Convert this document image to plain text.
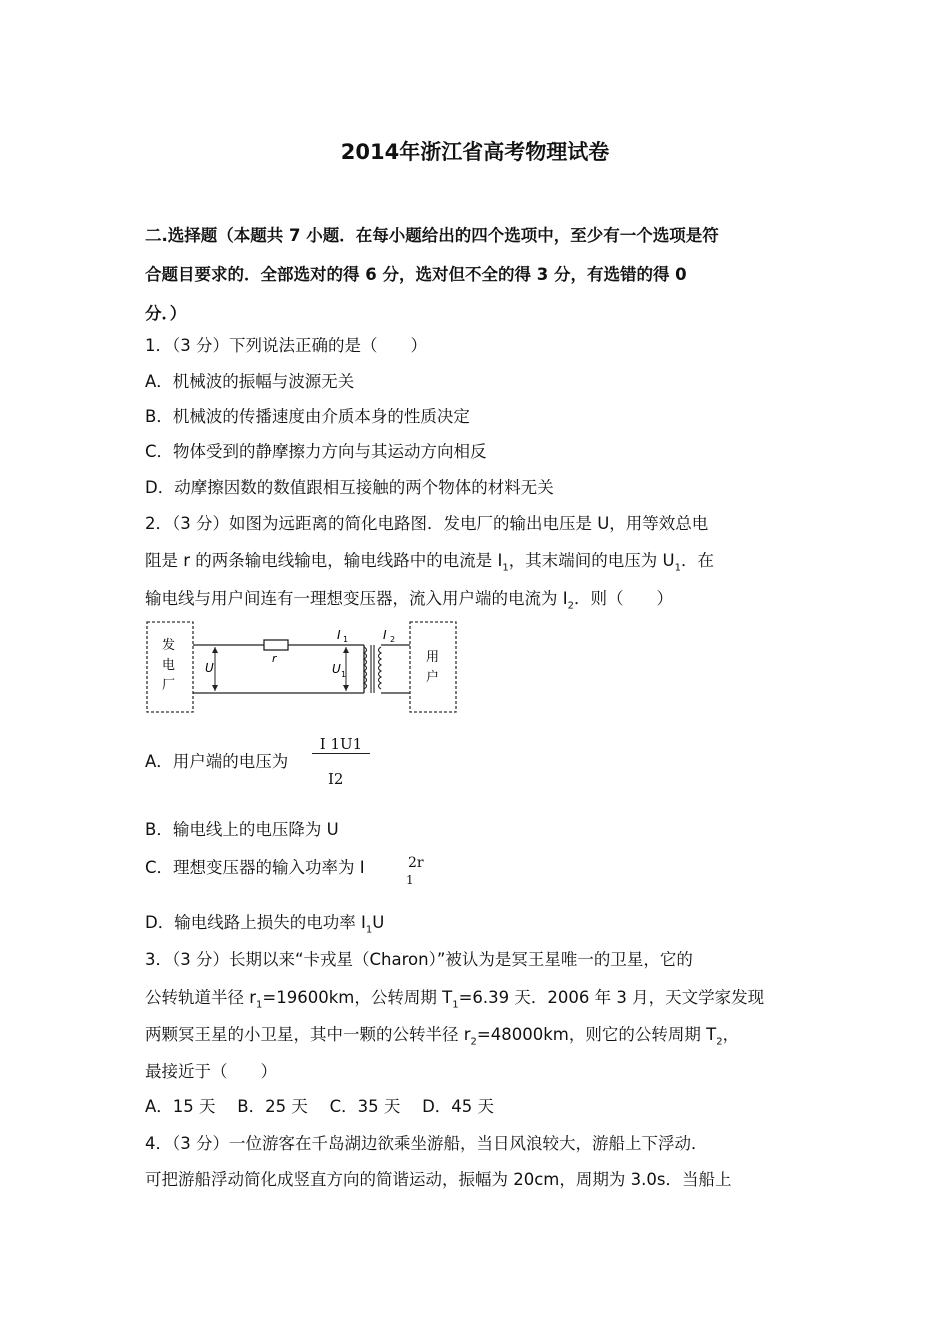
2014年浙江省高考物理试卷
二.选择题（本题共 7 小题．在每小题给出的四个选项中，至少有一个选项是符
合题目要求的．全部选对的得 6 分，选对但不全的得 3 分，有选错的得 0
分．）
1．（3 分）下列说法正确的是（　　）
A．机械波的振幅与波源无关
B．机械波的传播速度由介质本身的性质决定
C．物体受到的静摩擦力方向与其运动方向相反
D．动摩擦因数的数值跟相互接触的两个物体的材料无关
2．（3 分）如图为远距离的简化电路图．发电厂的输出电压是 U，用等效总电
阻是 r 的两条输电线输电，输电线路中的电流是 $I_1$，其末端间的电压为 $U_1$．在
输电线与用户间连有一理想变压器，流入用户端的电流为 $I_2$．则（　　）
发
电
厂
用
户
U
r
U 1
I 1	I 2
A．用户端的电压为
I 1U1
I2
B．输电线上的电压降为 U
C．理想变压器的输入功率为 I	2r
1
D．输电线路上损失的电功率 $I_1U$
3．（3 分）长期以来“卡戎星（Charon）”被认为是冥王星唯一的卫星，它的
公转轨道半径 $r_1=19600km$，公转周期 $T_1=6.39$ 天．2006 年 3 月，天文学家发现
两颗冥王星的小卫星，其中一颗的公转半径 $r_2=48000km$，则它的公转周期 $T_2$，
最接近于（　　）
A．15 天　 B．25 天　 C．35 天　 D．45 天
4．（3 分）一位游客在千岛湖边欲乘坐游船，当日风浪较大，游船上下浮动．
可把游船浮动简化成竖直方向的简谐运动，振幅为 20cm，周期为 3.0s．当船上
